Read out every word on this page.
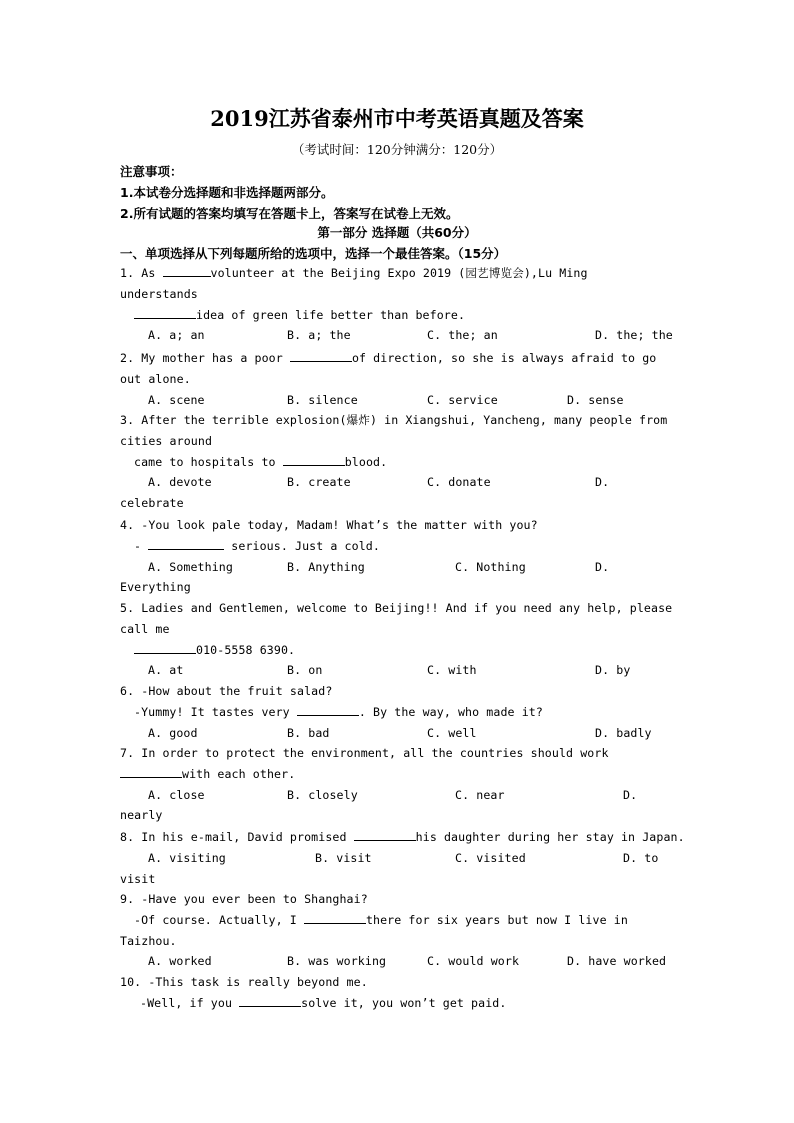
2019江苏省泰州市中考英语真题及答案
（考试时间：120分钟满分：120分）
注意事项：
1.本试卷分选择题和非选择题两部分。
2.所有试题的答案均填写在答题卡上，答案写在试卷上无效。
第一部分 选择题（共60分）
一、单项选择从下列每题所给的选项中，选择一个最佳答案。（15分）
1. As	volunteer at the Beijing Expo 2019 (园艺博览会),Lu Ming
understands
idea of green life better than before.
A. a; an	B. a; the	C. the; an	D. the; the
2. My mother has a poor	of direction, so she is always afraid to go
out alone.
A. scene	B. silence	C. service	D. sense
3. After the terrible explosion(爆炸) in Xiangshui, Yancheng, many people from
cities around
came to hospitals to	blood.
A. devote	B. create	C. donate	D.
celebrate
4. -You look pale today, Madam! What’s the matter with you?
-	serious. Just a cold.
A. Something	B. Anything	C. Nothing	D.
Everything
5. Ladies and Gentlemen, welcome to Beijing!! And if you need any help, please
call me
010-5558 6390.
A. at	B. on	C. with	D. by
6. -How about the fruit salad?
-Yummy! It tastes very	. By the way, who made it?
A. good	B. bad	C. well	D. badly
7. In order to protect the environment, all the countries should work
with each other.
A. close	B. closely	C. near	D.
nearly
8. In his e-mail, David promised	his daughter during her stay in Japan.
A. visiting	B. visit	C. visited	D. to
visit
9. -Have you ever been to Shanghai?
-Of course. Actually, I	there for six years but now I live in
Taizhou.
A. worked	B. was working	C. would work	D. have worked
10. -This task is really beyond me.
-Well, if you	solve it, you won’t get paid.
